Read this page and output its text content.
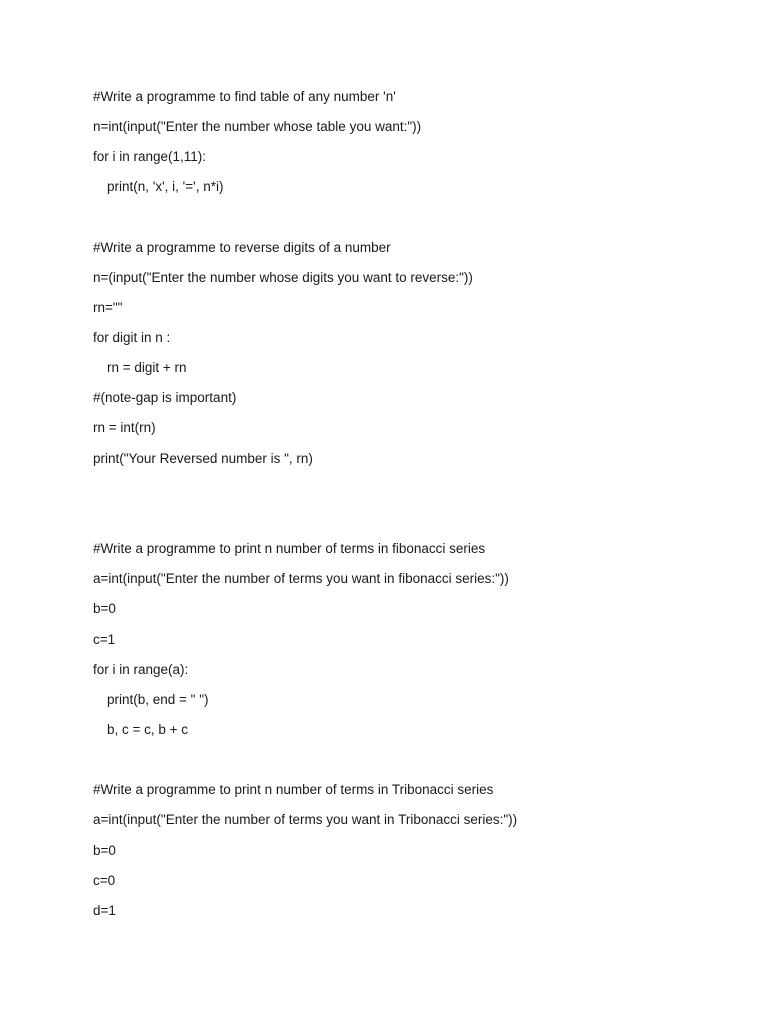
#Write a programme to find table of any number 'n'
n=int(input("Enter the number whose table you want:"))
for i in range(1,11):
print(n, 'x', i, '=', n*i)
#Write a programme to reverse digits of a number
n=(input("Enter the number whose digits you want to reverse:"))
rn=""
for digit in n :
rn = digit + rn
#(note-gap is important)
rn = int(rn)
print("Your Reversed number is ", rn)
#Write a programme to print n number of terms in fibonacci series
a=int(input("Enter the number of terms you want in fibonacci series:"))
b=0
c=1
for i in range(a):
print(b, end = " ")
b, c = c, b + c
#Write a programme to print n number of terms in Tribonacci series
a=int(input("Enter the number of terms you want in Tribonacci series:"))
b=0
c=0
d=1
